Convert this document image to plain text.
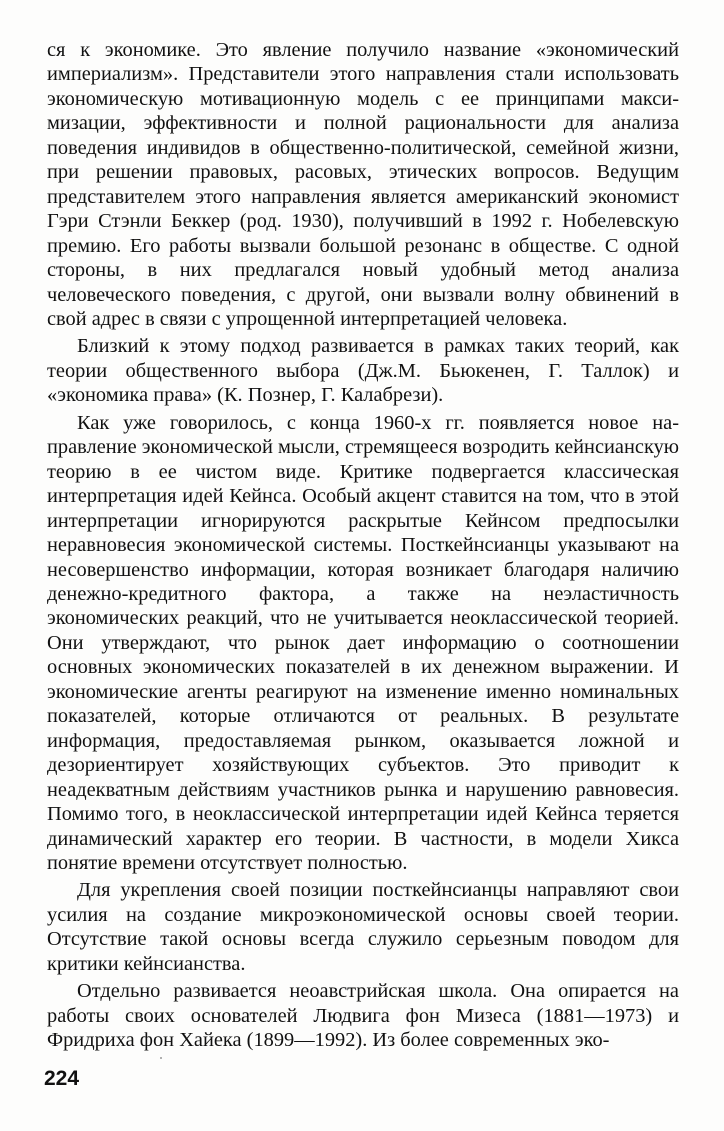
ся к экономике. Это явление получило название «экономический империализм». Представители этого направления стали использовать экономическую мотивационную модель с ее принципами максимизации, эффективности и полной рациональности для анализа поведения индивидов в общественно-политической, семейной жизни, при решении правовых, расовых, этических вопросов. Ведущим представителем этого направления является американский экономист Гэри Стэнли Беккер (род. 1930), получивший в 1992 г. Нобелевскую премию. Его работы вызвали большой резонанс в обществе. С одной стороны, в них предлагался новый удобный метод анализа человеческого поведения, с другой, они вызвали волну обвинений в свой адрес в связи с упрощенной интерпретацией человека.

Близкий к этому подход развивается в рамках таких теорий, как теории общественного выбора (Дж.М. Бьюкенен, Г. Таллок) и «экономика права» (К. Познер, Г. Калабрези).

Как уже говорилось, с конца 1960-х гг. появляется новое направление экономической мысли, стремящееся возродить кейнсианскую теорию в ее чистом виде. Критике подвергается классическая интерпретация идей Кейнса. Особый акцент ставится на том, что в этой интерпретации игнорируются раскрытые Кейнсом предпосылки неравновесия экономической системы. Посткейнсианцы указывают на несовершенство информации, которая возникает благодаря наличию денежно-кредитного фактора, а также на неэластичность экономических реакций, что не учитывается неоклассической теорией. Они утверждают, что рынок дает информацию о соотношении основных экономических показателей в их денежном выражении. И экономические агенты реагируют на изменение именно номинальных показателей, которые отличаются от реальных. В результате информация, предоставляемая рынком, оказывается ложной и дезориентирует хозяйствующих субъектов. Это приводит к неадекватным действиям участников рынка и нарушению равновесия. Помимо того, в неоклассической интерпретации идей Кейнса теряется динамический характер его теории. В частности, в модели Хикса понятие времени отсутствует полностью.

Для укрепления своей позиции посткейнсианцы направляют свои усилия на создание микроэкономической основы своей теории. Отсутствие такой основы всегда служило серьезным поводом для критики кейнсианства.

Отдельно развивается неоавстрийская школа. Она опирается на работы своих основателей Людвига фон Мизеса (1881—1973) и Фридриха фон Хайека (1899—1992). Из более современных эко-

224
